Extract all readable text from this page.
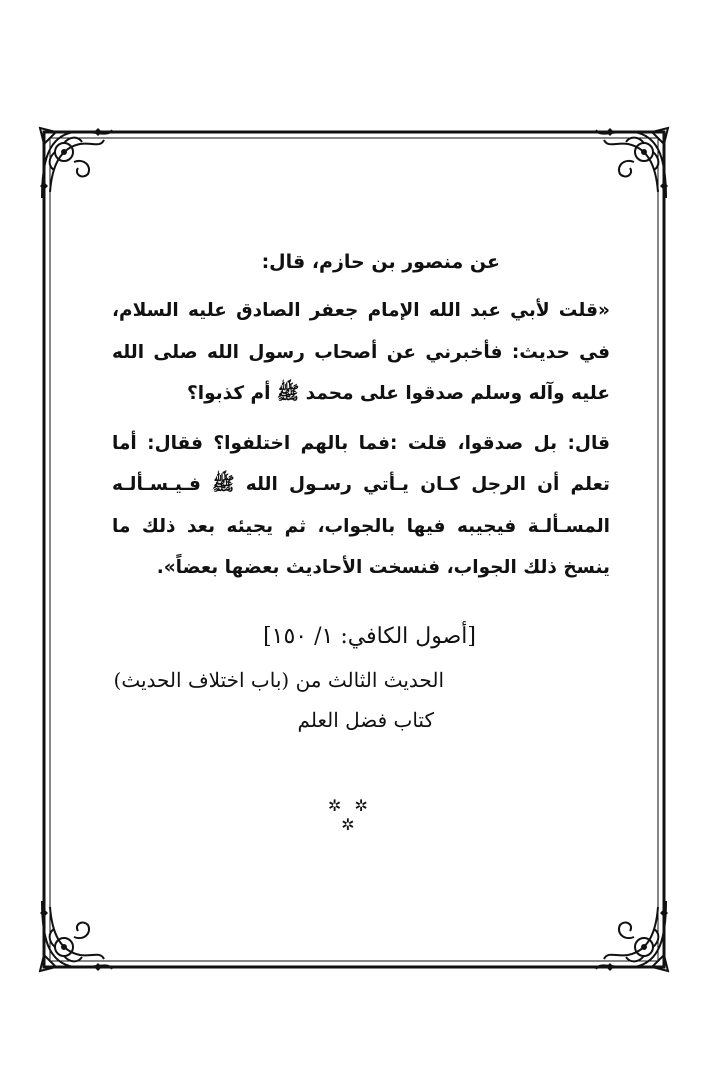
عن منصور بن حازم، قال:

«قلت لأبي عبد الله الإمام جعفر الصادق عليه السلام، في حديث: فأخبرني عن أصحاب رسول الله صلى الله عليه وآله وسلم صدقوا على محمد ﷺ أم كذبوا؟

قال: بل صدقوا، قلت :فما بالهم اختلفوا؟ فقال: أما تعلم أن الرجل كـان يـأتي رسـول الله ﷺ فـيـسـألـه المسـألـة فيجيبه فيها بالجواب، ثم يجيئه بعد ذلك ما ينسخ ذلك الجواب، فنسخت الأحاديث بعضها بعضاً».

[أصول الكافي: ١/ ١٥٠]
الحديث الثالث من (باب اختلاف الحديث)
كتاب فضل العلم
✲ ✲ ✲
